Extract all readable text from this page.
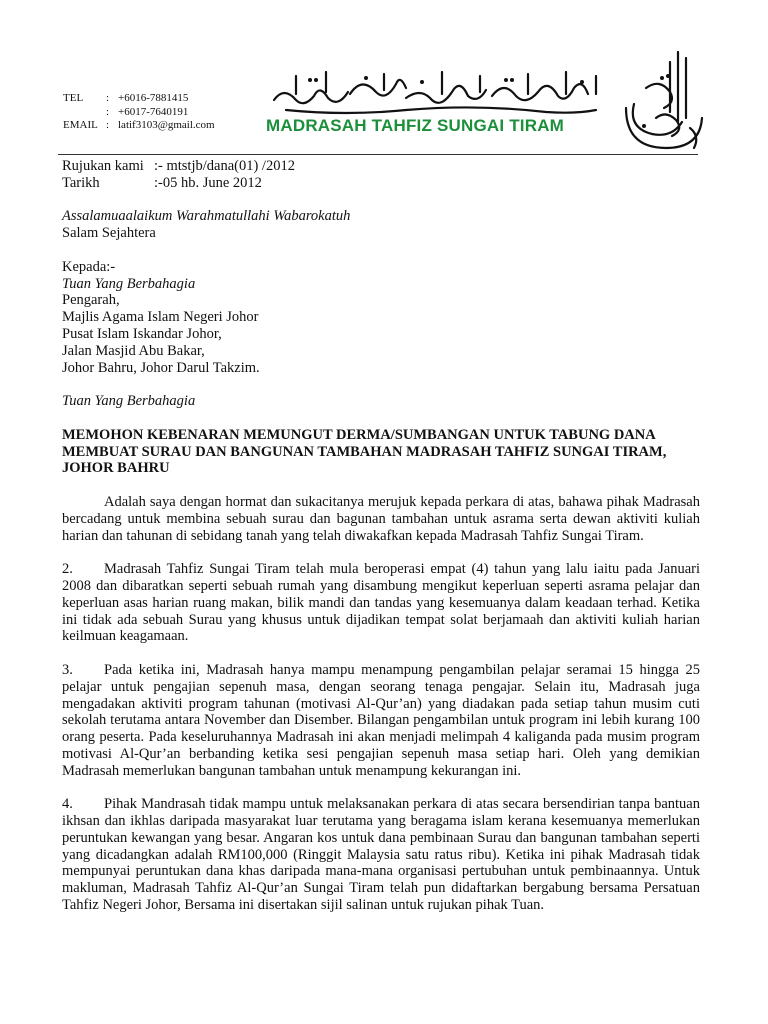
TEL	: +6016-7881415
: +6017-7640191
EMAIL : latif3103@gmail.com	MADRASAH TAHFIZ SUNGAI TIRAM
Rujukan kami :- mtstjb/dana(01) /2012
Tarikh	:-05 hb. June 2012

Assalamuaalaikum Warahmatullahi Wabarokatuh

Salam Sejahtera

Kepada:-

Tuan Yang Berbahagia

Pengarah,

Majlis Agama Islam Negeri Johor

Pusat Islam Iskandar Johor,

Jalan Masjid Abu Bakar,

Johor Bahru, Johor Darul Takzim.

Tuan Yang Berbahagia

MEMOHON KEBENARAN MEMUNGUT DERMA/SUMBANGAN UNTUK TABUNG DANA MEMBUAT SURAU DAN BANGUNAN TAMBAHAN MADRASAH TAHFIZ SUNGAI TIRAM, JOHOR BAHRU

Adalah saya dengan hormat dan sukacitanya merujuk kepada perkara di atas, bahawa pihak Madrasah bercadang untuk membina sebuah surau dan bagunan tambahan untuk asrama serta dewan aktiviti kuliah harian dan tahunan di sebidang tanah yang telah diwakafkan kepada Madrasah Tahfiz Sungai Tiram.

2. Madrasah Tahfiz Sungai Tiram telah mula beroperasi empat (4) tahun yang lalu iaitu pada Januari 2008 dan dibaratkan seperti sebuah rumah yang disambung mengikut keperluan seperti asrama pelajar dan keperluan asas harian ruang makan, bilik mandi dan tandas yang kesemuanya dalam keadaan terhad. Ketika ini tidak ada sebuah Surau yang khusus untuk dijadikan tempat solat berjamaah dan aktiviti kuliah harian keilmuan keagamaan.

3. Pada ketika ini, Madrasah hanya mampu menampung pengambilan pelajar seramai 15 hingga 25 pelajar untuk pengajian sepenuh masa, dengan seorang tenaga pengajar. Selain itu, Madrasah juga mengadakan aktiviti program tahunan (motivasi Al-Qur’an) yang diadakan pada setiap tahun musim cuti sekolah terutama antara November dan Disember. Bilangan pengambilan untuk program ini lebih kurang 100 orang peserta. Pada keseluruhannya Madrasah ini akan menjadi melimpah 4 kaliganda pada musim program motivasi Al-Qur’an berbanding ketika sesi pengajian sepenuh masa setiap hari. Oleh yang demikian Madrasah memerlukan bangunan tambahan untuk menampung kekurangan ini.

4. Pihak Mandrasah tidak mampu untuk melaksanakan perkara di atas secara bersendirian tanpa bantuan ikhsan dan ikhlas daripada masyarakat luar terutama yang beragama islam kerana kesemuanya memerlukan peruntukan kewangan yang besar. Angaran kos untuk dana pembinaan Surau dan bangunan tambahan seperti yang dicadangkan adalah RM100,000 (Ringgit Malaysia satu ratus ribu). Ketika ini pihak Madrasah tidak mempunyai peruntukan dana khas daripada mana-mana organisasi pertubuhan untuk pembinaannya. Untuk makluman, Madrasah Tahfiz Al-Qur’an Sungai Tiram telah pun didaftarkan bergabung bersama Persatuan Tahfiz Negeri Johor, Bersama ini disertakan sijil salinan untuk rujukan pihak Tuan.
